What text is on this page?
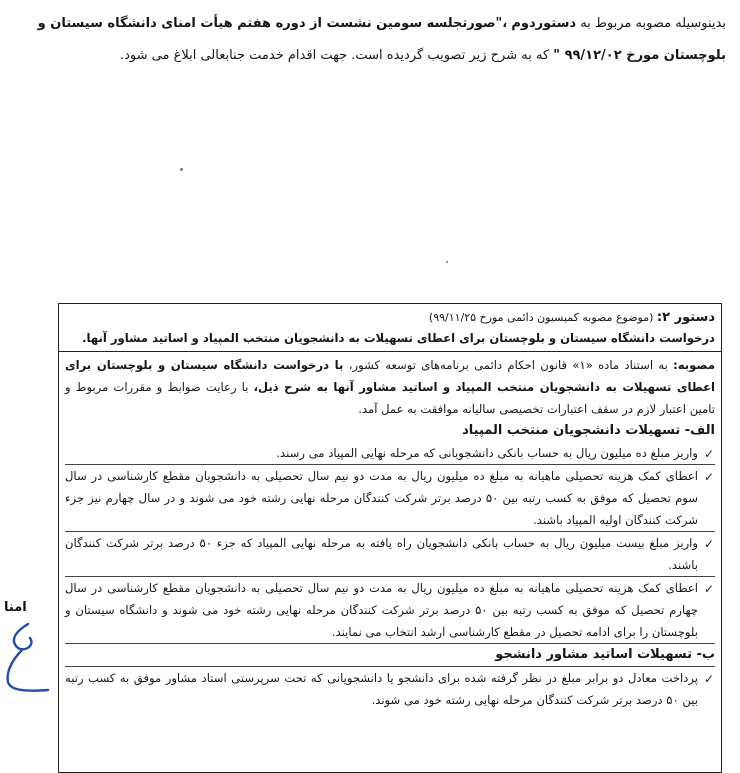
بدینوسیله مصوبه مربوط به دستوردوم ،"صورتجلسه سومین نشست از دوره هفتم هیأت امنای دانشگاه سیستان و بلوچستان مورخ ۹۹/۱۲/۰۲ " که به شرح زیر تصویب گردیده است. جهت اقدام خدمت جنابعالی ابلاغ می شود.
دستور ۲: (موضوع مصوبه کمیسیون دائمی مورخ ۹۹/۱۱/۲۵)
درخواست دانشگاه سیستان و بلوچستان برای اعطای تسهیلات به دانشجویان منتخب المپیاد و اساتید مشاور آنها.
مصوبه: به استناد ماده «۱» قانون احکام دائمی برنامه‌های توسعه کشور، با درخواست دانشگاه سیستان و بلوچستان برای اعطای تسهیلات به دانشجویان منتخب المپیاد و اساتید مشاور آنها به شرح ذیل، با رعایت ضوابط و مقررات مربوط و تامین اعتبار لازم در سقف اعتبارات تخصیصی سالیانه موافقت به عمل آمد.
الف- تسهیلات دانشجویان منتخب المپیاد
✓
واریز مبلغ ده میلیون ریال به حساب بانکی دانشجویانی که مرحله نهایی المپیاد می رسند.
✓
اعطای کمک هزینه تحصیلی ماهیانه به مبلغ ده میلیون ریال به مدت دو نیم سال تحصیلی به دانشجویان مقطع کارشناسی در سال سوم تحصیل که موفق به کسب رتبه بین ۵۰ درصد برتر شرکت کنندگان مرحله نهایی رشته خود می شوند و در سال چهارم نیز جزء شرکت کنندگان اولیه المپیاد باشند.
✓
واریز مبلغ بیست میلیون ریال به حساب بانکی دانشجویان راه یافته به مرحله نهایی المپیاد که جزء ۵۰ درصد برتر شرکت کنندگان باشند.
✓
اعطای کمک هزینه تحصیلی ماهیانه به مبلغ ده میلیون ریال به مدت دو نیم سال تحصیلی به دانشجویان مقطع کارشناسی در سال چهارم تحصیل که موفق به کسب رتبه بین ۵۰ درصد برتر شرکت کنندگان مرحله نهایی رشته خود می شوند و دانشگاه سیستان و بلوچستان را برای ادامه تحصیل در مقطع کارشناسی ارشد انتخاب می نمایند.
ب- تسهیلات اساتید مشاور دانشجو
✓
پرداخت معادل دو برابر مبلغ در نظر گرفته شده برای دانشجو یا دانشجویانی که تحت سرپرستی استاد مشاور موفق به کسب رتبه بین ۵۰ درصد برتر شرکت کنندگان مرحله نهایی رشته خود می شوند.
امنا
